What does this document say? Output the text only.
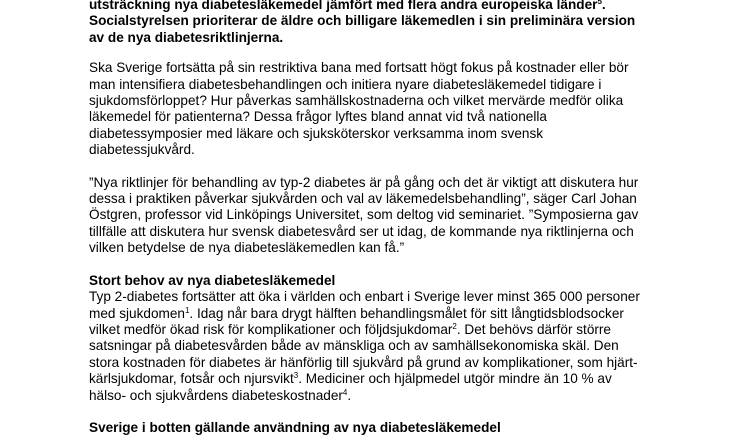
utsträckning nya diabetesläkemedel jämfört med flera andra europeiska länder$^5$.
Socialstyrelsen prioriterar de äldre och billigare läkemedlen i sin preliminära version
av de nya diabetesriktlinjerna.
Ska Sverige fortsätta på sin restriktiva bana med fortsatt högt fokus på kostnader eller bör
man intensifiera diabetesbehandlingen och initiera nyare diabetesläkemedel tidigare i
sjukdomsförloppet? Hur påverkas samhällskostnaderna och vilket mervärde medför olika
läkemedel för patienterna? Dessa frågor lyftes bland annat vid två nationella
diabetessymposier med läkare och sjuksköterskor verksamma inom svensk
diabetessjukvård.
”Nya riktlinjer för behandling av typ-2 diabetes är på gång och det är viktigt att diskutera hur
dessa i praktiken påverkar sjukvården och val av läkemedelsbehandling”, säger Carl Johan
Östgren, professor vid Linköpings Universitet, som deltog vid seminariet. ”Symposierna gav
tillfälle att diskutera hur svensk diabetesvård ser ut idag, de kommande nya riktlinjerna och
vilken betydelse de nya diabetesläkemedlen kan få.”

Stort behov av nya diabetesläkemedel

Typ 2-diabetes fortsätter att öka i världen och enbart i Sverige lever minst 365 000 personer
med sjukdomen$^1$. Idag når bara drygt hälften behandlingsmålet för sitt långtidsblodsocker
vilket medför ökad risk för komplikationer och följdsjukdomar$^2$. Det behövs därför större
satsningar på diabetesvården både av mänskliga och av samhällsekonomiska skäl. Den
stora kostnaden för diabetes är hänförlig till sjukvård på grund av komplikationer, som hjärt-
kärlsjukdomar, fotsår och njursvikt$^3$. Mediciner och hjälpmedel utgör mindre än 10 % av
hälso- och sjukvårdens diabeteskostnader$^4$.

Sverige i botten gällande användning av nya diabetesläkemedel
